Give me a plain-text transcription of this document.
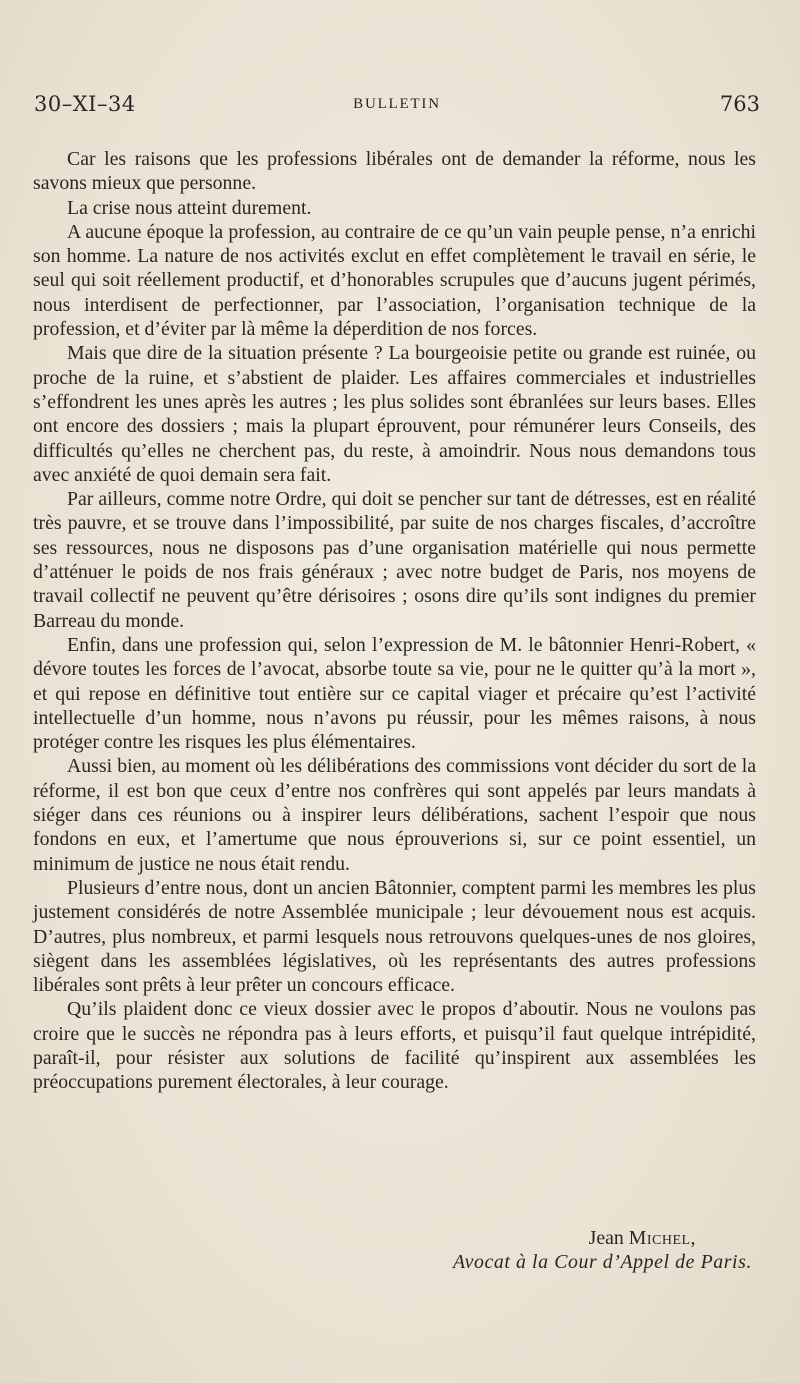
30–XI–34	BULLETIN	763

Car les raisons que les professions libérales ont de demander la réforme, nous les savons mieux que personne.

La crise nous atteint durement.

A aucune époque la profession, au contraire de ce qu’un vain peuple pense, n’a enrichi son homme. La nature de nos activités exclut en effet complètement le travail en série, le seul qui soit réellement productif, et d’honorables scrupules que d’aucuns jugent périmés, nous interdisent de perfectionner, par l’association, l’organisation technique de la profession, et d’éviter par là même la déperdition de nos forces.

Mais que dire de la situation présente ? La bourgeoisie petite ou grande est ruinée, ou proche de la ruine, et s’abstient de plaider. Les affaires commerciales et industrielles s’effondrent les unes après les autres ; les plus solides sont ébranlées sur leurs bases. Elles ont encore des dossiers ; mais la plupart éprouvent, pour rémunérer leurs Conseils, des difficultés qu’elles ne cherchent pas, du reste, à amoindrir. Nous nous demandons tous avec anxiété de quoi demain sera fait.

Par ailleurs, comme notre Ordre, qui doit se pencher sur tant de détresses, est en réalité très pauvre, et se trouve dans l’impossibilité, par suite de nos charges fiscales, d’accroître ses ressources, nous ne disposons pas d’une organisation matérielle qui nous permette d’atténuer le poids de nos frais généraux ; avec notre budget de Paris, nos moyens de travail collectif ne peuvent qu’être dérisoires ; osons dire qu’ils sont indignes du premier Barreau du monde.

Enfin, dans une profession qui, selon l’expression de M. le bâtonnier Henri-Robert, « dévore toutes les forces de l’avocat, absorbe toute sa vie, pour ne le quitter qu’à la mort », et qui repose en définitive tout entière sur ce capital viager et précaire qu’est l’activité intellectuelle d’un homme, nous n’avons pu réussir, pour les mêmes raisons, à nous protéger contre les risques les plus élémentaires.

Aussi bien, au moment où les délibérations des commissions vont décider du sort de la réforme, il est bon que ceux d’entre nos confrères qui sont appelés par leurs mandats à siéger dans ces réunions ou à inspirer leurs délibérations, sachent l’espoir que nous fondons en eux, et l’amertume que nous éprouverions si, sur ce point essentiel, un minimum de justice ne nous était rendu.

Plusieurs d’entre nous, dont un ancien Bâtonnier, comptent parmi les membres les plus justement considérés de notre Assemblée municipale ; leur dévouement nous est acquis. D’autres, plus nombreux, et parmi lesquels nous retrouvons quelques-unes de nos gloires, siègent dans les assemblées législatives, où les représentants des autres professions libérales sont prêts à leur prêter un concours efficace.

Qu’ils plaident donc ce vieux dossier avec le propos d’aboutir. Nous ne voulons pas croire que le succès ne répondra pas à leurs efforts, et puisqu’il faut quelque intrépidité, paraît-il, pour résister aux solutions de facilité qu’inspirent aux assemblées les préoccupations purement électorales, à leur courage.

Jean Michel,
Avocat à la Cour d’Appel de Paris.
